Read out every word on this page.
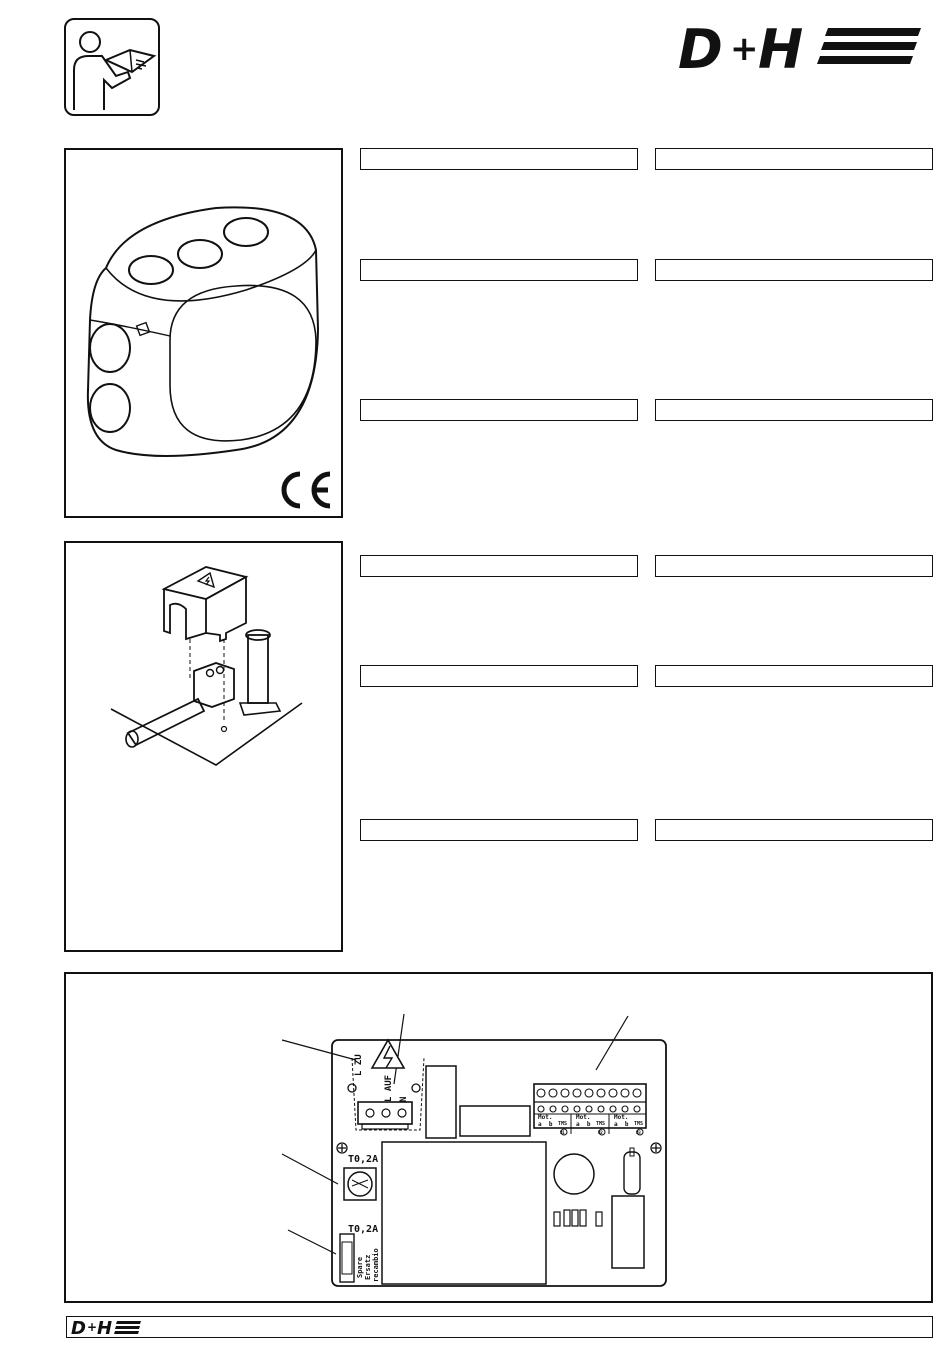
D + H
L ZU
L AUF N
T0,2A
T0,2A
Spare Ersatz recambio
Mot.	Mot.	Mot.
a  b	a  b	a  b
TMS	TMS	TMS
M1	M2	M3
D + H
